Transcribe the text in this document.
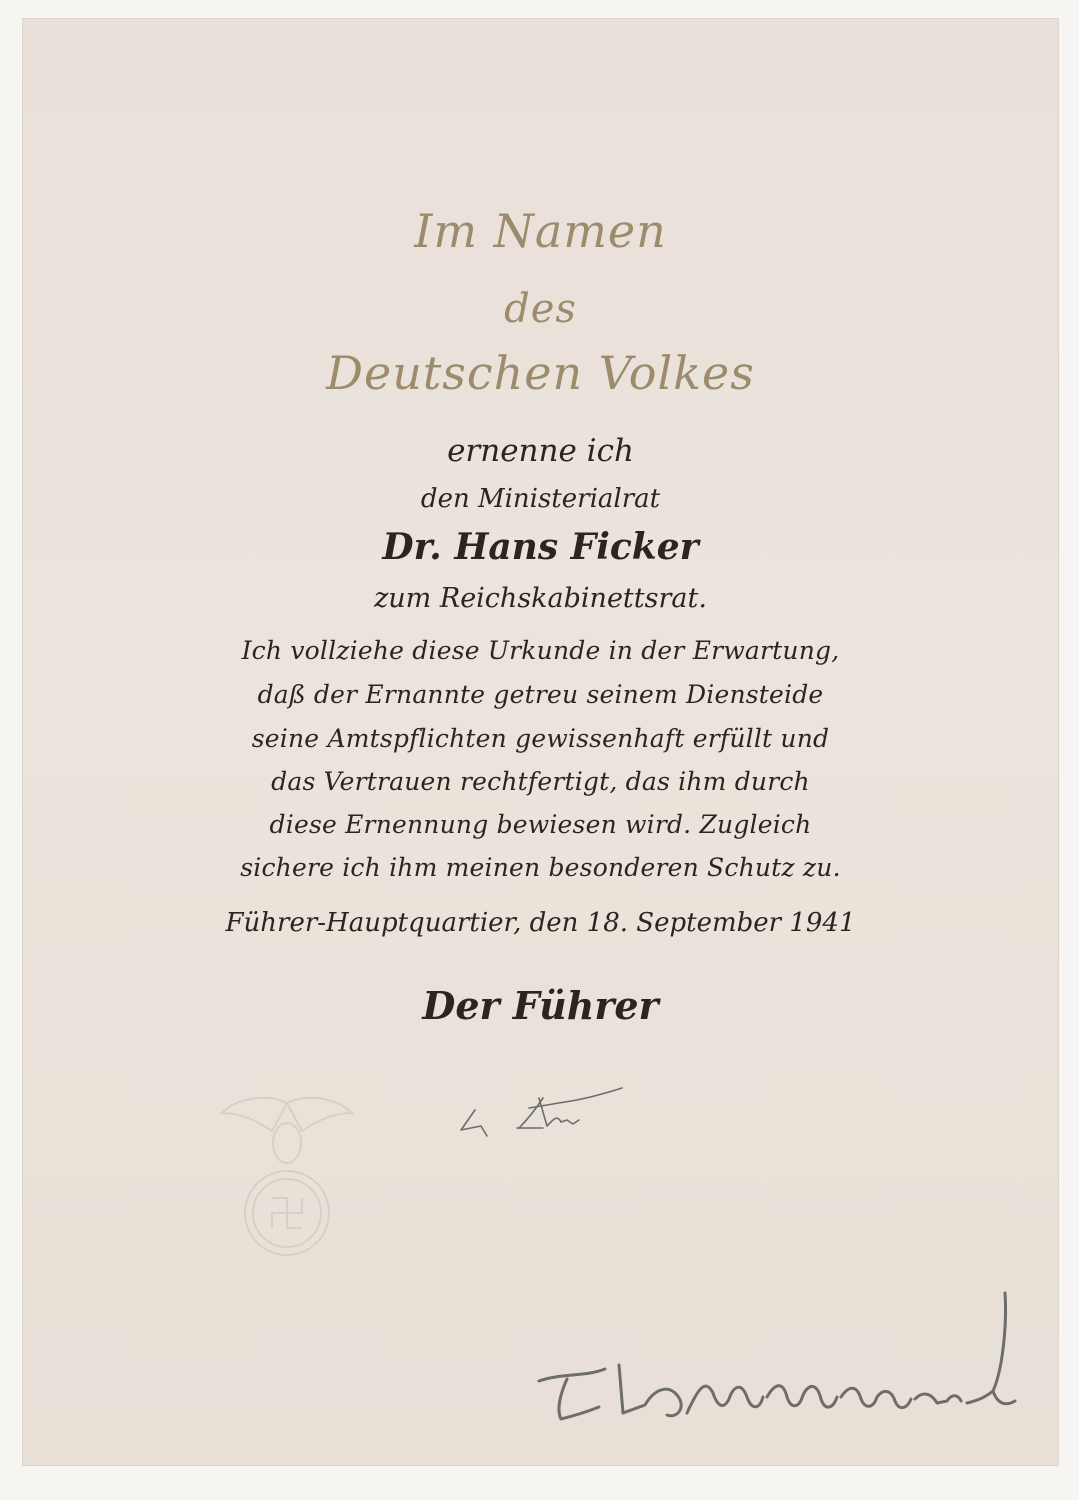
Im Namen
des
Deutschen Volkes
ernenne ich
den Ministerialrat
Dr. Hans Ficker
zum Reichskabinettsrat.
Ich vollziehe diese Urkunde in der Erwartung,
daß der Ernannte getreu seinem Diensteide
seine Amtspflichten gewissenhaft erfüllt und
das Vertrauen rechtfertigt, das ihm durch
diese Ernennung bewiesen wird. Zugleich
sichere ich ihm meinen besonderen Schutz zu.
Führer-Hauptquartier, den 18. September 1941
Der Führer
